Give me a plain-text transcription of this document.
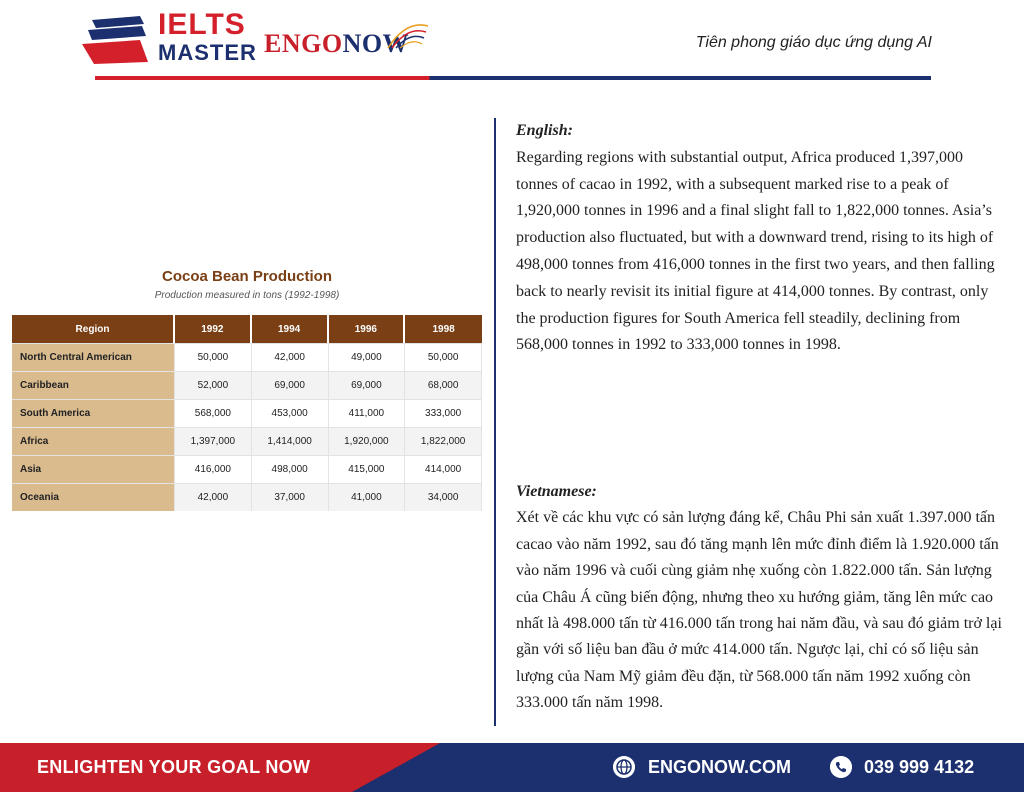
IELTS
MASTER ENGONOW	Tiên phong giáo dục ứng dụng AI
Cocoa Bean Production
Production measured in tons (1992-1998)
Region	1992	1994	1996	1998
North Central American	50,000	42,000	49,000	50,000
Caribbean	52,000	69,000	69,000	68,000
South America	568,000	453,000	411,000	333,000
Africa	1,397,000	1,414,000	1,920,000	1,822,000
Asia	416,000	498,000	415,000	414,000
Oceania	42,000	37,000	41,000	34,000
English:
Regarding regions with substantial output, Africa produced 1,397,000 tonnes of cacao in 1992, with a subsequent marked rise to a peak of 1,920,000 tonnes in 1996 and a final slight fall to 1,822,000 tonnes. Asia’s production also fluctuated, but with a downward trend, rising to its high of 498,000 tonnes from 416,000 tonnes in the first two years, and then falling back to nearly revisit its initial figure at 414,000 tonnes. By contrast, only the production figures for South America fell steadily, declining from 568,000 tonnes in 1992 to 333,000 tonnes in 1998.
Vietnamese:
Xét về các khu vực có sản lượng đáng kể, Châu Phi sản xuất 1.397.000 tấn cacao vào năm 1992, sau đó tăng mạnh lên mức đỉnh điểm là 1.920.000 tấn vào năm 1996 và cuối cùng giảm nhẹ xuống còn 1.822.000 tấn. Sản lượng của Châu Á cũng biến động, nhưng theo xu hướng giảm, tăng lên mức cao nhất là 498.000 tấn từ 416.000 tấn trong hai năm đầu, và sau đó giảm trở lại gần với số liệu ban đầu ở mức 414.000 tấn. Ngược lại, chỉ có số liệu sản lượng của Nam Mỹ giảm đều đặn, từ 568.000 tấn năm 1992 xuống còn 333.000 tấn năm 1998.
ENLIGHTEN YOUR GOAL NOW	ENGONOW.COM	039 999 4132
